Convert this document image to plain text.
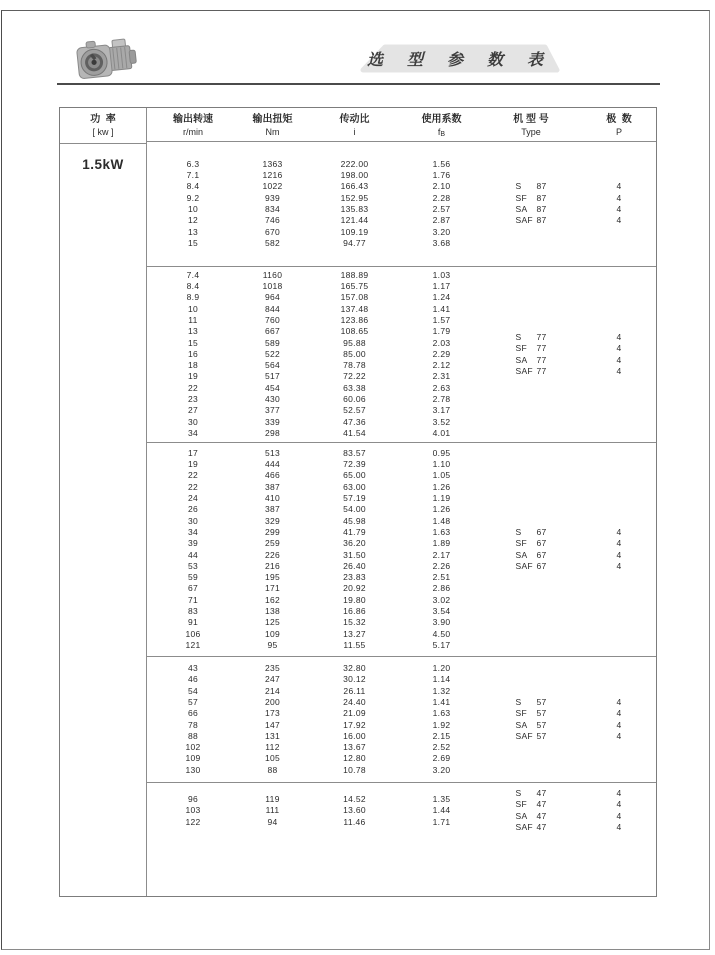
选 型 参 数 表
功  率
[ kw ]
1.5kW
输出转速
r/min
输出扭矩
Nm
传动比
i
使用系数
fB
机 型 号
Type
极  数
P
6.3
7.1
8.4
9.2
10
12
13
15
1363
1216
1022
939
834
746
670
582
222.00
198.00
166.43
152.95
135.83
121.44
109.19
94.77
1.56
1.76
2.10
2.28
2.57
2.87
3.20
3.68
S 87
SF 87
SA 87
SAF 87
4
4
4
4
7.4
8.4
8.9
10
11
13
15
16
18
19
22
23
27
30
34
1160
1018
964
844
760
667
589
522
564
517
454
430
377
339
298
188.89
165.75
157.08
137.48
123.86
108.65
95.88
85.00
78.78
72.22
63.38
60.06
52.57
47.36
41.54
1.03
1.17
1.24
1.41
1.57
1.79
2.03
2.29
2.12
2.31
2.63
2.78
3.17
3.52
4.01
S 77
SF 77
SA 77
SAF 77
4
4
4
4
17
19
22
22
24
26
30
34
39
44
53
59
67
71
83
91
106
121
513
444
466
387
410
387
329
299
259
226
216
195
171
162
138
125
109
95
83.57
72.39
65.00
63.00
57.19
54.00
45.98
41.79
36.20
31.50
26.40
23.83
20.92
19.80
16.86
15.32
13.27
11.55
0.95
1.10
1.05
1.26
1.19
1.26
1.48
1.63
1.89
2.17
2.26
2.51
2.86
3.02
3.54
3.90
4.50
5.17
S 67
SF 67
SA 67
SAF 67
4
4
4
4
43
46
54
57
66
78
88
102
109
130
235
247
214
200
173
147
131
112
105
88
32.80
30.12
26.11
24.40
21.09
17.92
16.00
13.67
12.80
10.78
1.20
1.14
1.32
1.41
1.63
1.92
2.15
2.52
2.69
3.20
S 57
SF 57
SA 57
SAF 57
4
4
4
4
96
103
122
119
111
94
14.52
13.60
11.46
1.35
1.44
1.71
S 47
SF 47
SA 47
SAF 47
4
4
4
4
